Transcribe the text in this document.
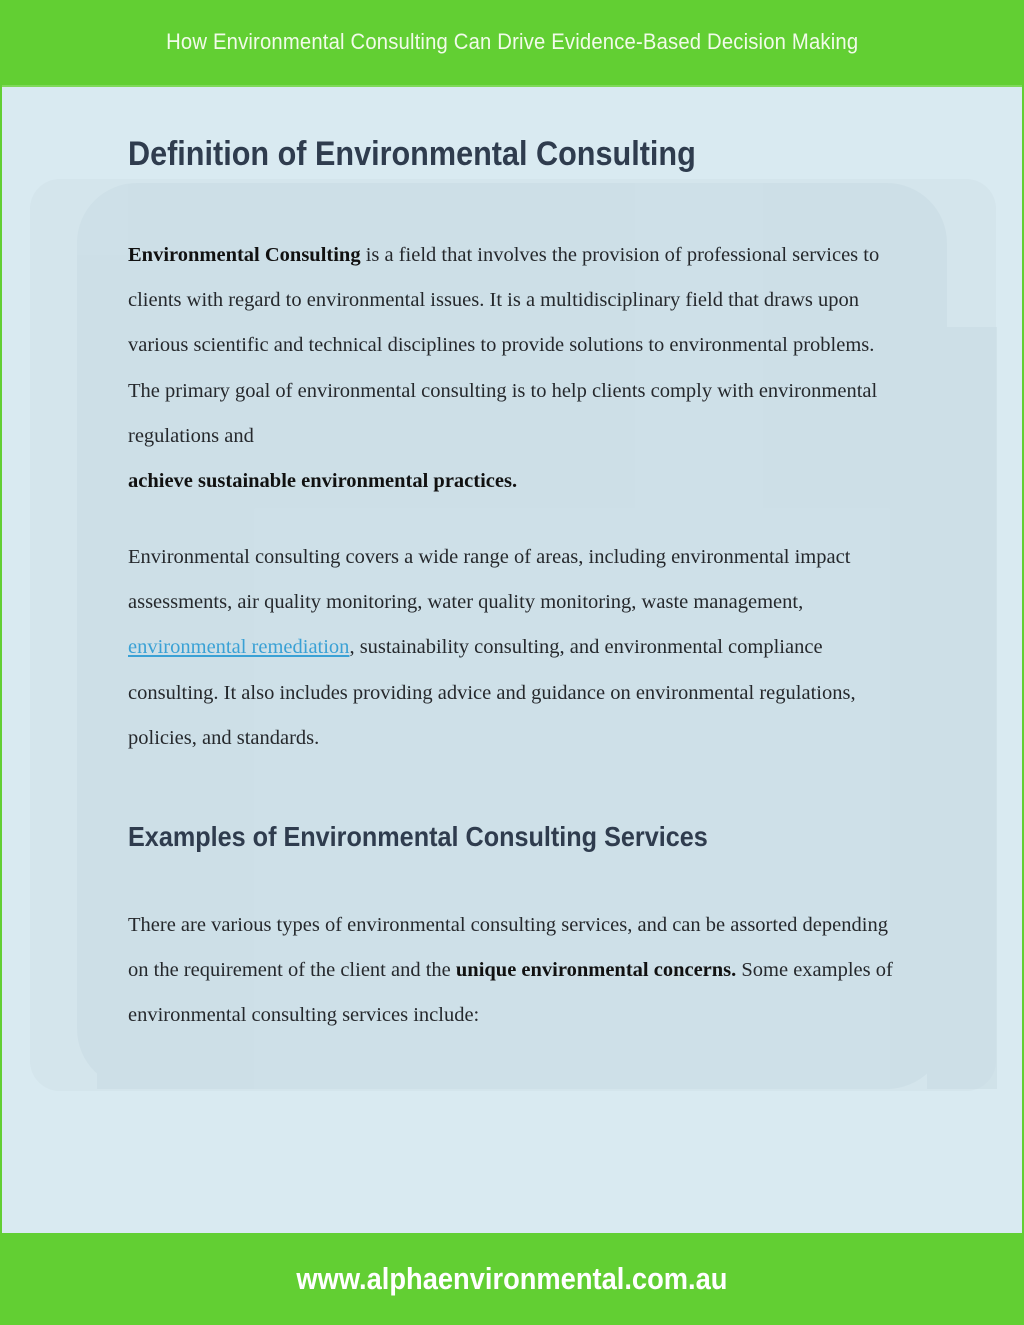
How Environmental Consulting Can Drive Evidence-Based Decision Making
Definition of Environmental Consulting

Environmental Consulting is a field that involves the provision of professional services to clients with regard to environmental issues. It is a multidisciplinary field that draws upon various scientific and technical disciplines to provide solutions to environmental problems. The primary goal of environmental consulting is to help clients comply with environmental regulations and
achieve sustainable environmental practices.

Environmental consulting covers a wide range of areas, including environmental impact assessments, air quality monitoring, water quality monitoring, waste management, environmental remediation, sustainability consulting, and environmental compliance consulting. It also includes providing advice and guidance on environmental regulations, policies, and standards.

Examples of Environmental Consulting Services

There are various types of environmental consulting services, and can be assorted depending on the requirement of the client and the unique environmental concerns. Some examples of environmental consulting services include:

www.alphaenvironmental.com.au
